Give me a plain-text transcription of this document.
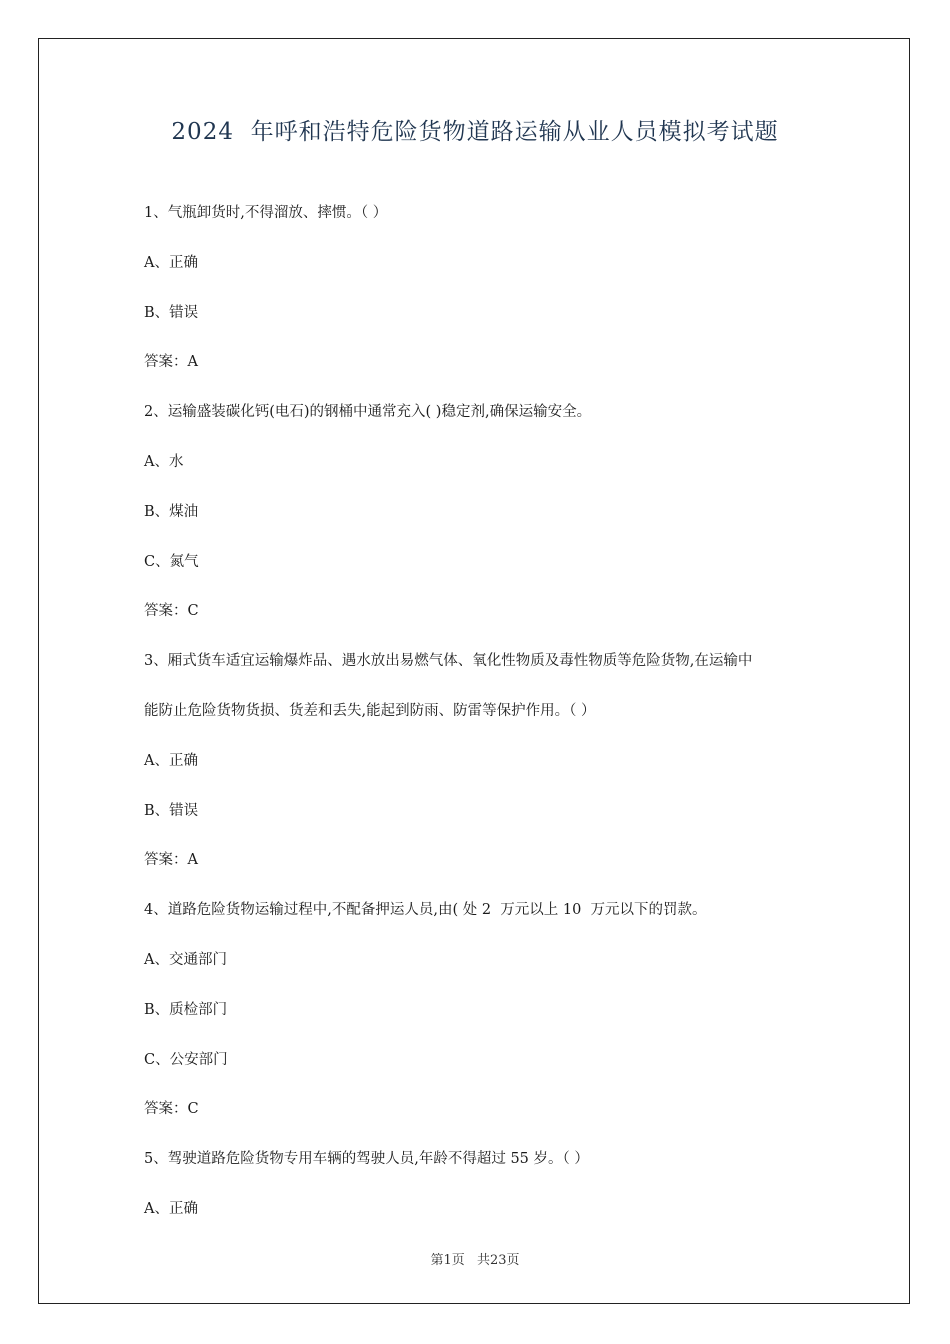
2024  年呼和浩特危险货物道路运输从业人员模拟考试题
1、气瓶卸货时,不得溜放、摔惯。（ ）
A、正确
B、错误
答案：A
2、运输盛装碳化钙(电石)的钢桶中通常充入( )稳定剂,确保运输安全。
A、水
B、煤油
C、氮气
答案：C
3、厢式货车适宜运输爆炸品、遇水放出易燃气体、氧化性物质及毒性物质等危险货物,在运输中
能防止危险货物货损、货差和丢失,能起到防雨、防雷等保护作用。（ ）
A、正确
B、错误
答案：A
4、道路危险货物运输过程中,不配备押运人员,由( 处 2  万元以上 10  万元以下的罚款。
A、交通部门
B、质检部门
C、公安部门
答案：C
5、驾驶道路危险货物专用车辆的驾驶人员,年龄不得超过 55 岁。（ ）
A、正确
第1页 共23页
